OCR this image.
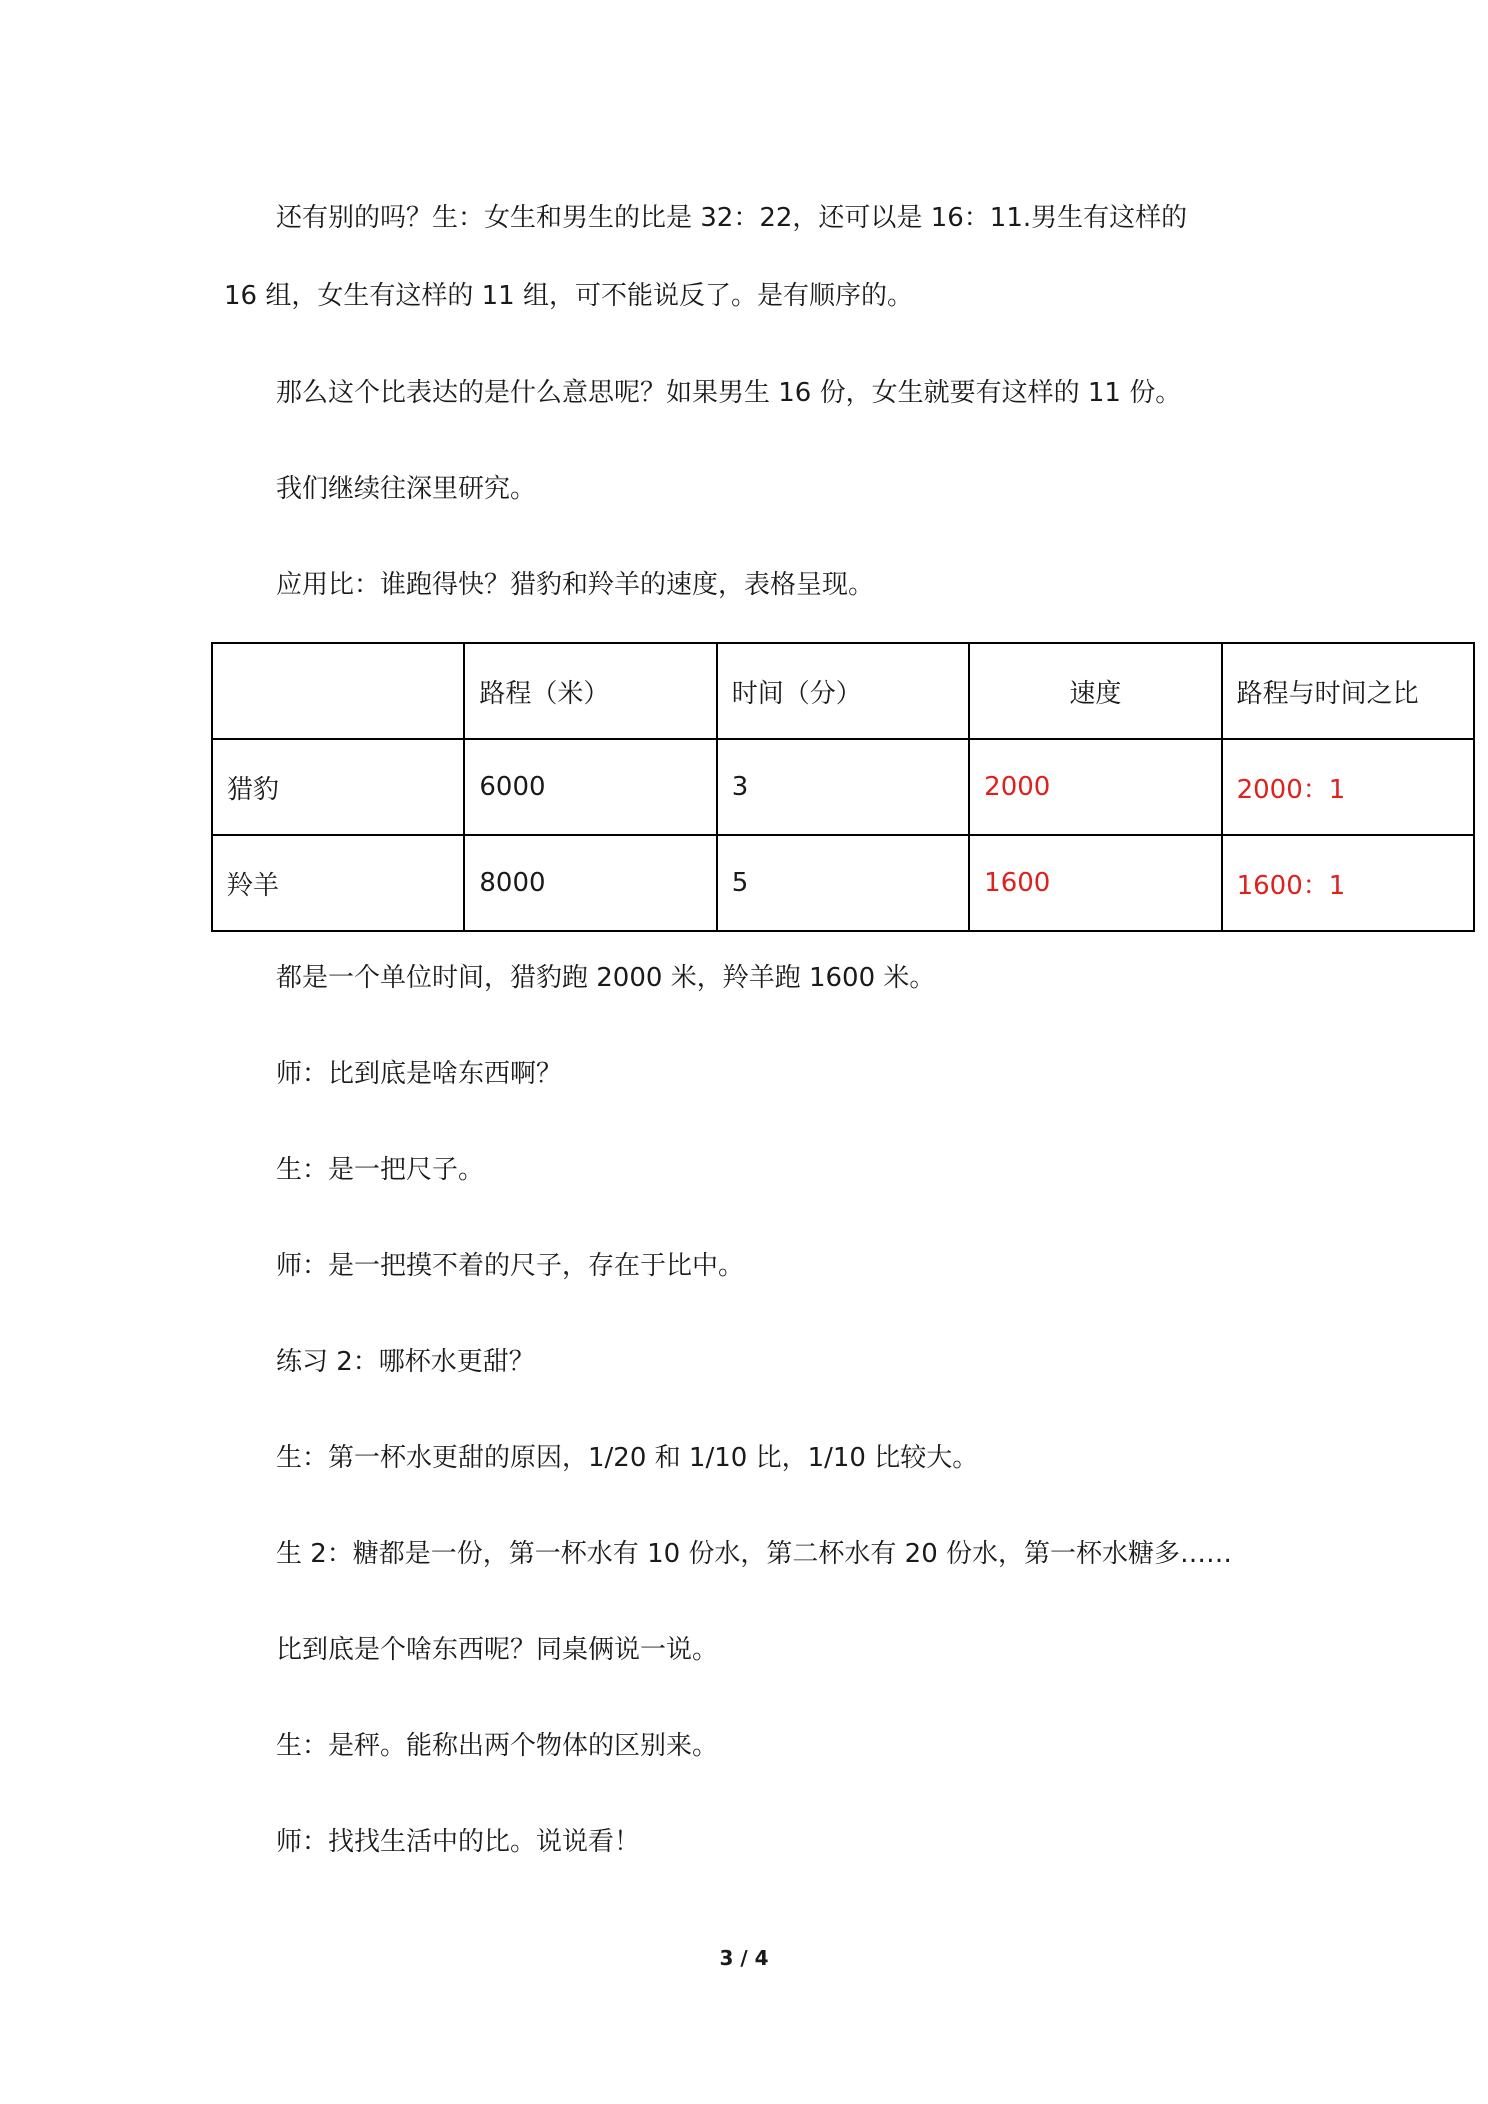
还有别的吗？生：女生和男生的比是 32：22，还可以是 16：11.男生有这样的

16 组，女生有这样的 11 组，可不能说反了。是有顺序的。

那么这个比表达的是什么意思呢？如果男生 16 份，女生就要有这样的 11 份。

我们继续往深里研究。

应用比：谁跑得快？猎豹和羚羊的速度，表格呈现。

	路程（米）	时间（分）	速度	路程与时间之比
猎豹	6000	3	2000	2000：1
羚羊	8000	5	1600	1600：1

都是一个单位时间，猎豹跑 2000 米，羚羊跑 1600 米。

师：比到底是啥东西啊？

生：是一把尺子。

师：是一把摸不着的尺子，存在于比中。

练习 2：哪杯水更甜？

生：第一杯水更甜的原因，1/20 和 1/10 比，1/10 比较大。

生 2：糖都是一份，第一杯水有 10 份水，第二杯水有 20 份水，第一杯水糖多……

比到底是个啥东西呢？同桌俩说一说。

生：是秤。能称出两个物体的区别来。

师：找找生活中的比。说说看！

3 / 4
